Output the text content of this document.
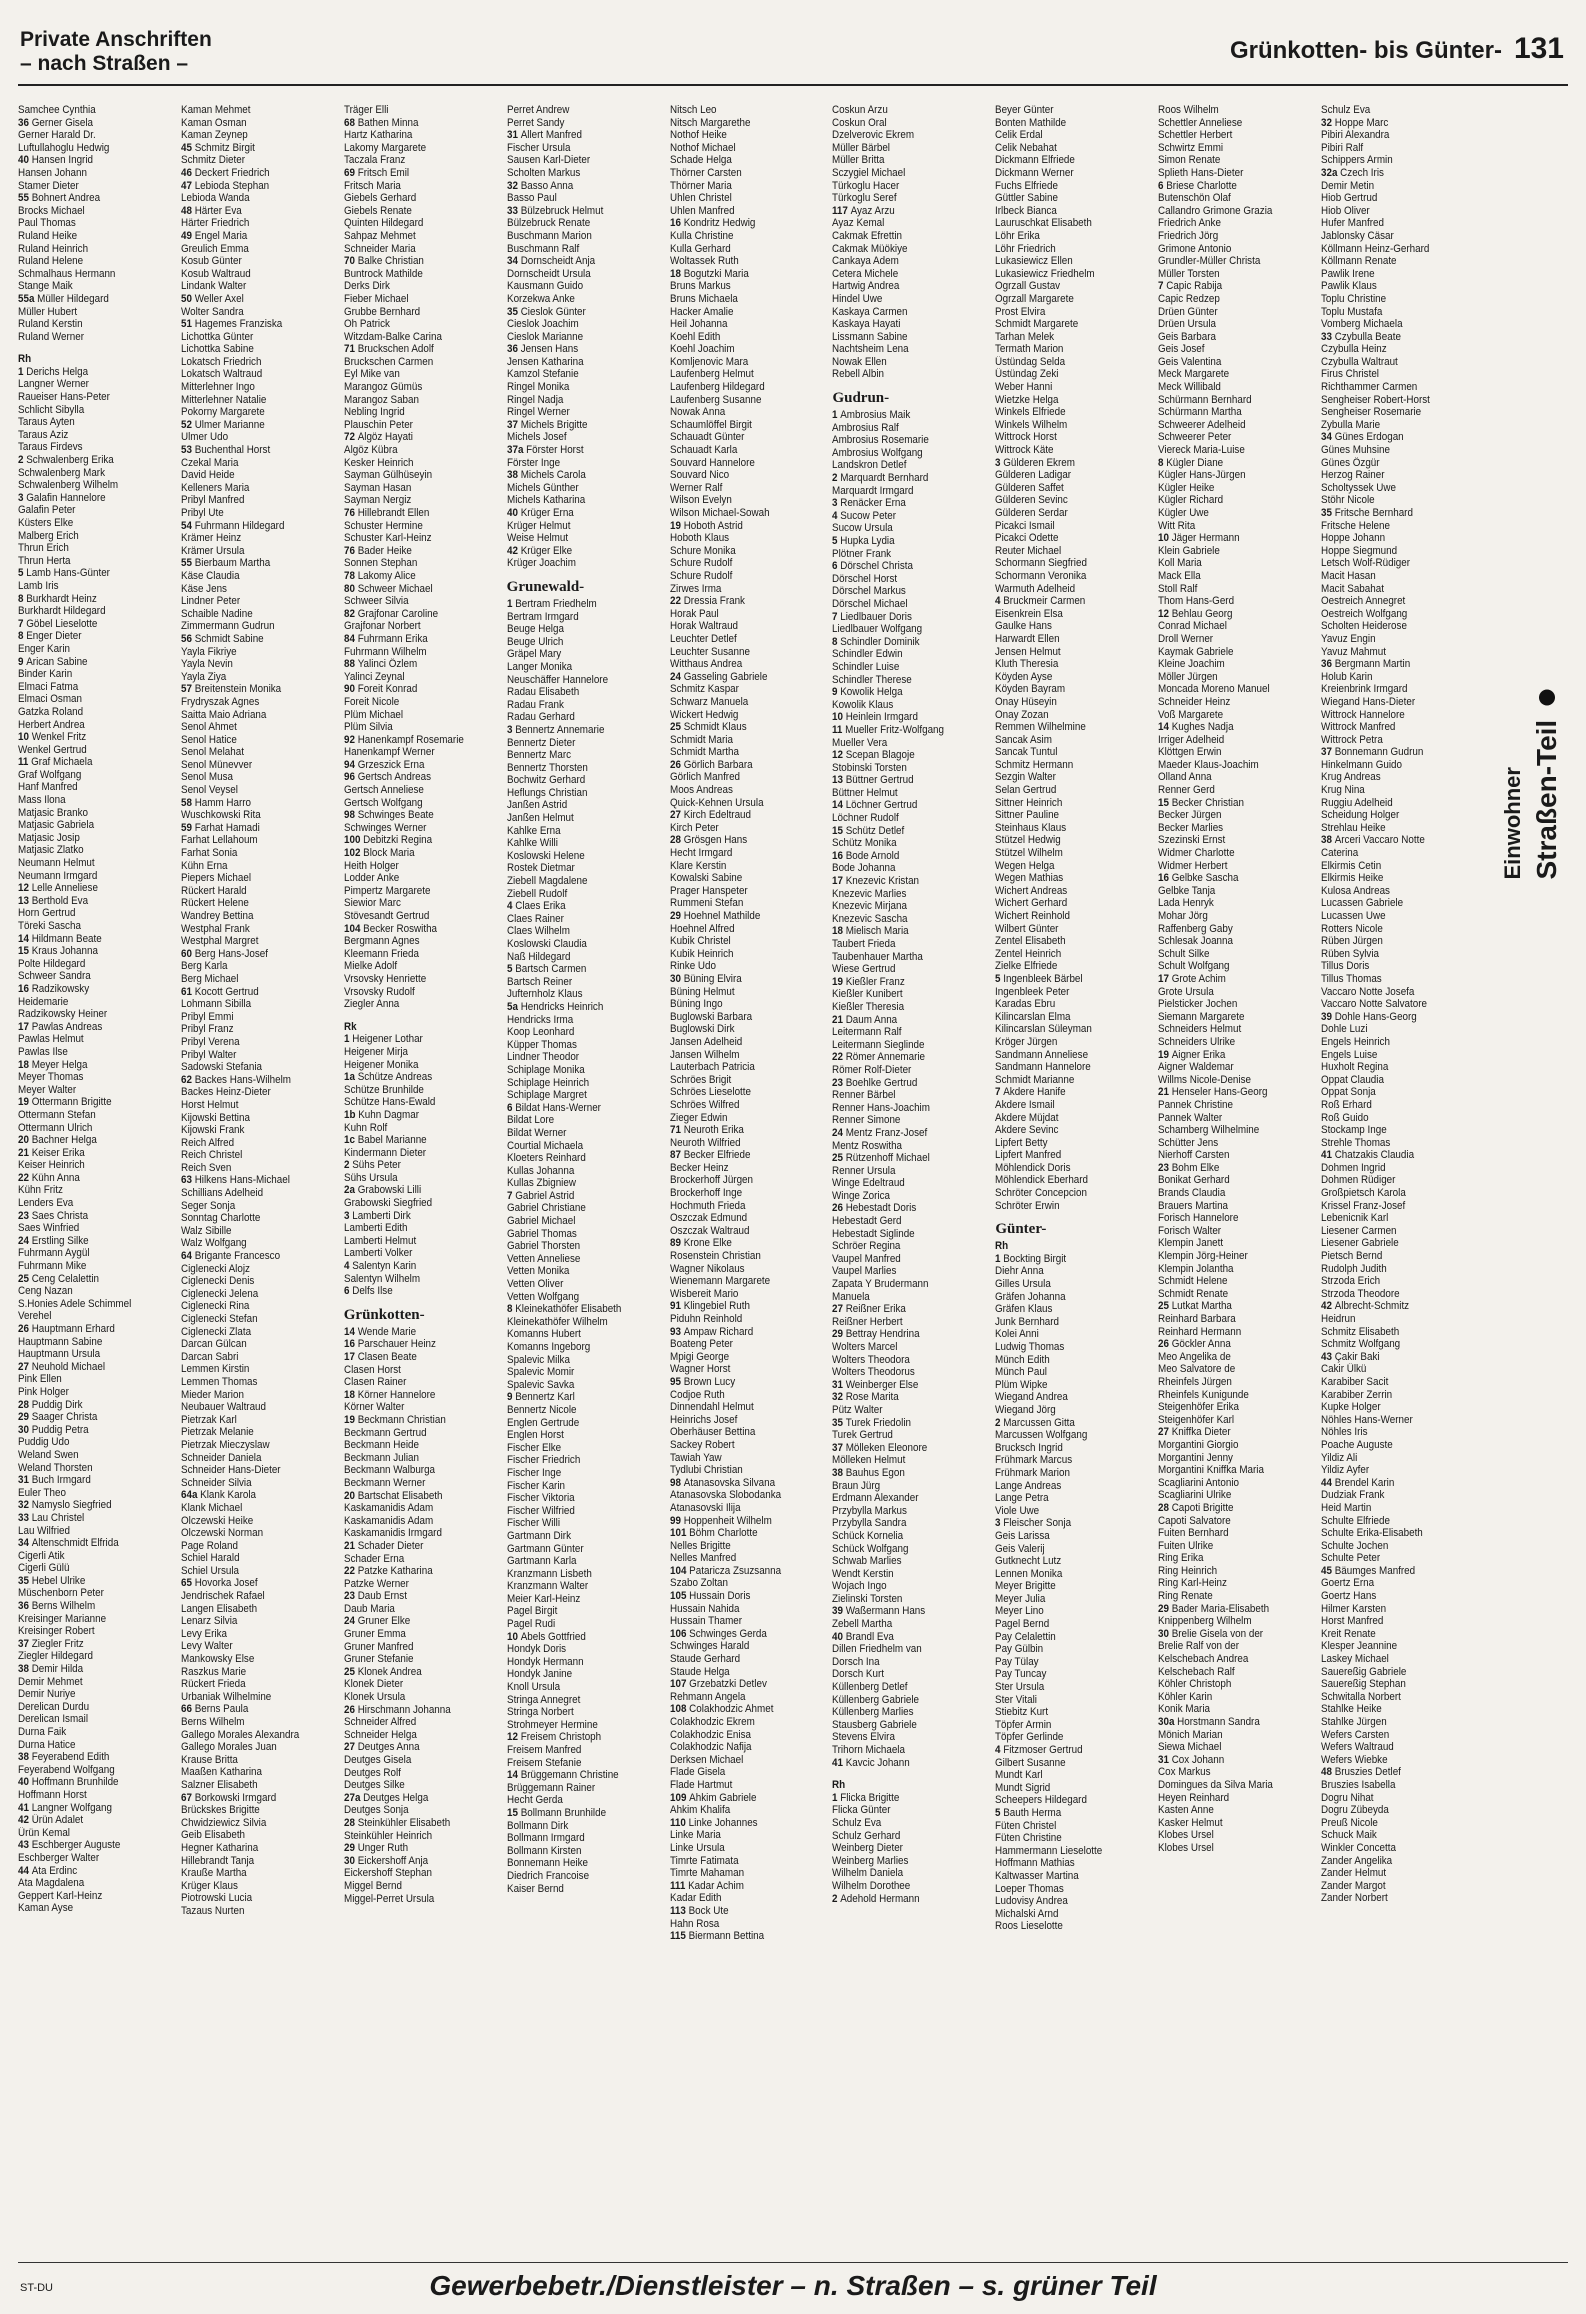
Private Anschriften
– nach Straßen –	Grünkotten- bis Günter- 131
Samchee Cynthia
36 Gerner Gisela
Gerner Harald Dr.
Luftullahoglu Hedwig
40 Hansen Ingrid
Hansen Johann
Stamer Dieter
55 Bohnert Andrea
Brocks Michael
Paul Thomas
Ruland Heike
Ruland Heinrich
Ruland Helene
Schmalhaus Hermann
Stange Maik
55a Müller Hildegard
Müller Hubert
Ruland Kerstin
Ruland Werner
Rh
1 Derichs Helga
Langner Werner
Raueiser Hans-Peter
Schlicht Sibylla
Taraus Ayten
Taraus Aziz
Taraus Firdevs
2 Schwalenberg Erika
Schwalenberg Mark
Schwalenberg Wilhelm
3 Galafin Hannelore
Galafin Peter
Küsters Elke
Malberg Erich
Thrun Erich
Thrun Herta
5 Lamb Hans-Günter
Lamb Iris
8 Burkhardt Heinz
Burkhardt Hildegard
7 Göbel Lieselotte
8 Enger Dieter
Enger Karin
9 Arican Sabine
Binder Karin
Elmaci Fatma
Elmaci Osman
Gatzka Roland
Herbert Andrea
10 Wenkel Fritz
Wenkel Gertrud
11 Graf Michaela
Graf Wolfgang
Hanf Manfred
Mass Ilona
Matjasic Branko
Matjasic Gabriela
Matjasic Josip
Matjasic Zlatko
Neumann Helmut
Neumann Irmgard
12 Lelle Anneliese
13 Berthold Eva
Horn Gertrud
Töreki Sascha
14 Hildmann Beate
15 Kraus Johanna
Polte Hildegard
Schweer Sandra
16 Radzikowsky
Heidemarie
Radzikowsky Heiner
17 Pawlas Andreas
Pawlas Helmut
Pawlas Ilse
18 Meyer Helga
Meyer Thomas
Meyer Walter
19 Ottermann Brigitte
Ottermann Stefan
Ottermann Ulrich
20 Bachner Helga
21 Keiser Erika
Keiser Heinrich
22 Kühn Anna
Kühn Fritz
Lenders Eva
23 Saes Christa
Saes Winfried
24 Erstling Silke
Fuhrmann Aygül
Fuhrmann Mike
25 Ceng Celalettin
Ceng Nazan
S.Honies Adele Schimmel
Verehel
26 Hauptmann Erhard
Hauptmann Sabine
Hauptmann Ursula
27 Neuhold Michael
Pink Ellen
Pink Holger
28 Puddig Dirk
29 Saager Christa
30 Puddig Petra
Puddig Udo
Weland Swen
Weland Thorsten
31 Buch Irmgard
Euler Theo
32 Namyslo Siegfried
33 Lau Christel
Lau Wilfried
34 Altenschmidt Elfrida
Cigerli Atik
Cigerli Gülü
35 Hebel Ulrike
Müschenborn Peter
36 Berns Wilhelm
Kreisinger Marianne
Kreisinger Robert
37 Ziegler Fritz
Ziegler Hildegard
38 Demir Hilda
Demir Mehmet
Demir Nuriye
Derelican Durdu
Derelican Ismail
Durna Faik
Durna Hatice
38 Feyerabend Edith
Feyerabend Wolfgang
40 Hoffmann Brunhilde
Hoffmann Horst
41 Langner Wolfgang
42 Ürün Adalet
Ürün Kemal
43 Eschberger Auguste
Eschberger Walter
44 Ata Erdinc
Ata Magdalena
Geppert Karl-Heinz
Kaman Ayse
Kaman Mehmet
Kaman Osman
Kaman Zeynep
45 Schmitz Birgit
Schmitz Dieter
46 Deckert Friedrich
47 Lebioda Stephan
Lebioda Wanda
48 Härter Eva
Härter Friedrich
49 Engel Maria
Greulich Emma
Kosub Günter
Kosub Waltraud
Lindank Walter
50 Weller Axel
Wolter Sandra
51 Hagemes Franziska
Lichottka Günter
Lichottka Sabine
Lokatsch Friedrich
Lokatsch Waltraud
Mitterlehner Ingo
Mitterlehner Natalie
Pokorny Margarete
52 Ulmer Marianne
Ulmer Udo
53 Buchenthal Horst
Czekal Maria
David Heide
Kelleners Maria
Pribyl Manfred
Pribyl Ute
54 Fuhrmann Hildegard
Krämer Heinz
Krämer Ursula
55 Bierbaum Martha
Käse Claudia
Käse Jens
Lindner Peter
Schaible Nadine
Zimmermann Gudrun
56 Schmidt Sabine
Yayla Fikriye
Yayla Nevin
Yayla Ziya
57 Breitenstein Monika
Frydryszak Agnes
Saitta Maio Adriana
Senol Ahmet
Senol Hatice
Senol Melahat
Senol Münevver
Senol Musa
Senol Veysel
58 Hamm Harro
Wuschkowski Rita
59 Farhat Hamadi
Farhat Lellahoum
Farhat Sonia
Kühn Erna
Piepers Michael
Rückert Harald
Rückert Helene
Wandrey Bettina
Westphal Frank
Westphal Margret
60 Berg Hans-Josef
Berg Karla
Berg Michael
61 Kocott Gertrud
Lohmann Sibilla
Pribyl Emmi
Pribyl Franz
Pribyl Verena
Pribyl Walter
Sadowski Stefania
62 Backes Hans-Wilhelm
Backes Heinz-Dieter
Horst Helmut
Kijowski Bettina
Kijowski Frank
Reich Alfred
Reich Christel
Reich Sven
63 Hilkens Hans-Michael
Schillians Adelheid
Seger Sonja
Sonntag Charlotte
Walz Sibille
Walz Wolfgang
64 Brigante Francesco
Ciglenecki Alojz
Ciglenecki Denis
Ciglenecki Jelena
Ciglenecki Rina
Ciglenecki Stefan
Ciglenecki Zlata
Darcan Gülcan
Darcan Sabri
Lemmen Kirstin
Lemmen Thomas
Mieder Marion
Neubauer Waltraud
Pietrzak Karl
Pietrzak Melanie
Pietrzak Mieczyslaw
Schneider Daniela
Schneider Hans-Dieter
Schneider Silvia
64a Klank Karola
Klank Michael
Olczewski Heike
Olczewski Norman
Page Roland
Schiel Harald
Schiel Ursula
65 Hovorka Josef
Jendrischek Rafael
Langen Elisabeth
Lenarz Silvia
Levy Erika
Levy Walter
Mankowsky Else
Raszkus Marie
Rückert Frieda
Urbaniak Wilhelmine
66 Berns Paula
Berns Wilhelm
Gallego Morales Alexandra
Gallego Morales Juan
Krause Britta
Maaßen Katharina
Salzner Elisabeth
67 Borkowski Irmgard
Brückskes Brigitte
Chwidziewicz Silvia
Geib Elisabeth
Hegner Katharina
Hillebrandt Tanja
Krauße Martha
Krüger Klaus
Piotrowski Lucia
Tazaus Nurten
Träger Elli
68 Bathen Minna
Hartz Katharina
Lakomy Margarete
Taczala Franz
69 Fritsch Emil
Fritsch Maria
Giebels Gerhard
Giebels Renate
Quinten Hildegard
Sahpaz Mehmet
Schneider Maria
70 Balke Christian
Buntrock Mathilde
Derks Dirk
Fieber Michael
Grubbe Bernhard
Oh Patrick
Witzdam-Balke Carina
71 Bruckschen Adolf
Bruckschen Carmen
Eyl Mike van
Marangoz Gümüs
Marangoz Saban
Nebling Ingrid
Plauschin Peter
72 Algöz Hayati
Algöz Kübra
Kesker Heinrich
Sayman Gülhüseyin
Sayman Hasan
Sayman Nergiz
76 Hillebrandt Ellen
Schuster Hermine
Schuster Karl-Heinz
76 Bader Heike
Sonnen Stephan
78 Lakomy Alice
80 Schweer Michael
Schweer Silvia
82 Grajfonar Caroline
Grajfonar Norbert
84 Fuhrmann Erika
Fuhrmann Wilhelm
88 Yalinci Özlem
Yalinci Zeynal
90 Foreit Konrad
Foreit Nicole
Plüm Michael
Plüm Silvia
92 Hanenkampf Rosemarie
Hanenkampf Werner
94 Grzeszick Erna
96 Gertsch Andreas
Gertsch Anneliese
Gertsch Wolfgang
98 Schwinges Beate
Schwinges Werner
100 Debitzki Regina
102 Block Maria
Heith Holger
Lodder Anke
Pimpertz Margarete
Siewior Marc
Stövesandt Gertrud
104 Becker Roswitha
Bergmann Agnes
Kleemann Frieda
Mielke Adolf
Vrsovsky Henriette
Vrsovsky Rudolf
Ziegler Anna
Rk
1 Heigener Lothar
Heigener Mirja
Heigener Monika
1a Schütze Andreas
Schütze Brunhilde
Schütze Hans-Ewald
1b Kuhn Dagmar
Kuhn Rolf
1c Babel Marianne
Kindermann Dieter
2 Sühs Peter
Sühs Ursula
2a Grabowski Lilli
Grabowski Siegfried
3 Lamberti Dirk
Lamberti Edith
Lamberti Helmut
Lamberti Volker
4 Salentyn Karin
Salentyn Wilhelm
6 Delfs Ilse
Grünkotten-
14 Wende Marie
16 Parschauer Heinz
17 Clasen Beate
Clasen Horst
Clasen Rainer
18 Körner Hannelore
Körner Walter
19 Beckmann Christian
Beckmann Gertrud
Beckmann Heide
Beckmann Julian
Beckmann Walburga
Beckmann Werner
20 Bartschat Elisabeth
Kaskamanidis Adam
Kaskamanidis Adam
Kaskamanidis Irmgard
21 Schader Dieter
Schader Erna
22 Patzke Katharina
Patzke Werner
23 Daub Ernst
Daub Maria
24 Gruner Elke
Gruner Emma
Gruner Manfred
Gruner Stefanie
25 Klonek Andrea
Klonek Dieter
Klonek Ursula
26 Hirschmann Johanna
Schneider Alfred
Schneider Helga
27 Deutges Anna
Deutges Gisela
Deutges Rolf
Deutges Silke
27a Deutges Helga
Deutges Sonja
28 Steinkühler Elisabeth
Steinkühler Heinrich
29 Unger Ruth
30 Eickershoff Anja
Eickershoff Stephan
Miggel Bernd
Miggel-Perret Ursula
Perret Andrew
Perret Sandy
31 Allert Manfred
Fischer Ursula
Sausen Karl-Dieter
Scholten Markus
32 Basso Anna
Basso Paul
33 Bülzebruck Helmut
Bülzebruck Renate
Buschmann Marion
Buschmann Ralf
34 Dornscheidt Anja
Dornscheidt Ursula
Kausmann Guido
Korzekwa Anke
35 Cieslok Günter
Cieslok Joachim
Cieslok Marianne
36 Jensen Hans
Jensen Katharina
Kamzol Stefanie
Ringel Monika
Ringel Nadja
Ringel Werner
37 Michels Brigitte
Michels Josef
37a Förster Horst
Förster Inge
38 Michels Carola
Michels Günther
Michels Katharina
40 Krüger Erna
Krüger Helmut
Weise Helmut
42 Krüger Elke
Krüger Joachim
Grunewald-
1 Bertram Friedhelm
Bertram Irmgard
Beuge Helga
Beuge Ulrich
Gräpel Mary
Langer Monika
Neuschäffer Hannelore
Radau Elisabeth
Radau Frank
Radau Gerhard
3 Bennertz Annemarie
Bennertz Dieter
Bennertz Marc
Bennertz Thorsten
Bochwitz Gerhard
Heflungs Christian
Janßen Astrid
Janßen Helmut
Kahlke Erna
Kahlke Willi
Koslowski Helene
Rostek Dietmar
Ziebell Magdalene
Ziebell Rudolf
4 Claes Erika
Claes Rainer
Claes Wilhelm
Koslowski Claudia
Naß Hildegard
5 Bartsch Carmen
Bartsch Reiner
Jufternholz Klaus
5a Hendricks Heinrich
Hendricks Irma
Koop Leonhard
Küpper Thomas
Lindner Theodor
Schiplage Monika
Schiplage Heinrich
Schiplage Margret
6 Bildat Hans-Werner
Bildat Lore
Bildat Werner
Courtial Michaela
Kloeters Reinhard
Kullas Johanna
Kullas Zbigniew
7 Gabriel Astrid
Gabriel Christiane
Gabriel Michael
Gabriel Thomas
Gabriel Thorsten
Vetten Anneliese
Vetten Monika
Vetten Oliver
Vetten Wolfgang
8 Kleinekathöfer Elisabeth
Kleinekathöfer Wilhelm
Komanns Hubert
Komanns Ingeborg
Spalevic Milka
Spalevic Momir
Spalevic Savka
9 Bennertz Karl
Bennertz Nicole
Englen Gertrude
Englen Horst
Fischer Elke
Fischer Friedrich
Fischer Inge
Fischer Karin
Fischer Viktoria
Fischer Wilfried
Fischer Willi
Gartmann Dirk
Gartmann Günter
Gartmann Karla
Kranzmann Lisbeth
Kranzmann Walter
Meier Karl-Heinz
Pagel Birgit
Pagel Rudi
10 Abels Gottfried
Hondyk Doris
Hondyk Hermann
Hondyk Janine
Knoll Ursula
Stringa Annegret
Stringa Norbert
Strohmeyer Hermine
12 Freisem Christoph
Freisem Manfred
Freisem Stefanie
14 Brüggemann Christine
Brüggemann Rainer
Hecht Gerda
15 Bollmann Brunhilde
Bollmann Dirk
Bollmann Irmgard
Bollmann Kirsten
Bonnemann Heike
Diedrich Francoise
Kaiser Bernd
Nitsch Leo
Nitsch Margarethe
Nothof Heike
Nothof Michael
Schade Helga
Thörner Carsten
Thörner Maria
Uhlen Christel
Uhlen Manfred
16 Kondritz Hedwig
Kulla Christine
Kulla Gerhard
Woltassek Ruth
18 Bogutzki Maria
Bruns Markus
Bruns Michaela
Hacker Amalie
Heil Johanna
Koehl Edith
Koehl Joachim
Komljenovic Mara
Laufenberg Helmut
Laufenberg Hildegard
Laufenberg Susanne
Nowak Anna
Schaumlöffel Birgit
Schauadt Günter
Schauadt Karla
Souvard Hannelore
Souvard Nico
Werner Ralf
Wilson Evelyn
Wilson Michael-Sowah
19 Hoboth Astrid
Hoboth Klaus
Schure Monika
Schure Rudolf
Schure Rudolf
Zirwes Irma
22 Dressia Frank
Horak Paul
Horak Waltraud
Leuchter Detlef
Leuchter Susanne
Witthaus Andrea
24 Gasseling Gabriele
Schmitz Kaspar
Schwarz Manuela
Wickert Hedwig
25 Schmidt Klaus
Schmidt Maria
Schmidt Martha
26 Görlich Barbara
Görlich Manfred
Moos Andreas
Quick-Kehnen Ursula
27 Kirch Edeltraud
Kirch Peter
28 Grösgen Hans
Hecht Irmgard
Klare Kerstin
Kowalski Sabine
Prager Hanspeter
Rummeni Stefan
29 Hoehnel Mathilde
Hoehnel Alfred
Kubik Christel
Kubik Heinrich
Rinke Udo
30 Büning Elvira
Büning Helmut
Büning Ingo
Buglowski Barbara
Buglowski Dirk
Jansen Adelheid
Jansen Wilhelm
Lauterbach Patricia
Schröes Brigit
Schröes Lieselotte
Schröes Wilfred
Zieger Edwin
71 Neuroth Erika
Neuroth Wilfried
87 Becker Elfriede
Becker Heinz
Brockerhoff Jürgen
Brockerhoff Inge
Hochmuth Frieda
Oszczak Edmund
Oszczak Waltraud
89 Krone Elke
Rosenstein Christian
Wagner Nikolaus
Wienemann Margarete
Wisbereit Mario
91 Klingebiel Ruth
Piduhn Reinhold
93 Ampaw Richard
Boateng Peter
Mpigi George
Wagner Horst
95 Brown Lucy
Codjoe Ruth
Dinnendahl Helmut
Heinrichs Josef
Oberhäuser Bettina
Sackey Robert
Tawiah Yaw
Tydlubi Christian
98 Atanasovska Silvana
Atanasovska Slobodanka
Atanasovski Ilija
99 Hoppenheit Wilhelm
101 Böhm Charlotte
Nelles Brigitte
Nelles Manfred
104 Pataricza Zsuzsanna
Szabo Zoltan
105 Hussain Doris
Hussain Nahida
Hussain Thamer
106 Schwinges Gerda
Schwinges Harald
Staude Gerhard
Staude Helga
107 Grzebatzki Detlev
Rehmann Angela
108 Colakhodzic Ahmet
Colakhodzic Ekrem
Colakhodzic Enisa
Colakhodzic Nafija
Derksen Michael
Flade Gisela
Flade Hartmut
109 Ahkim Gabriele
Ahkim Khalifa
110 Linke Johannes
Linke Maria
Linke Ursula
Timrte Fatimata
Timrte Mahaman
111 Kadar Achim
Kadar Edith
113 Bock Ute
Hahn Rosa
115 Biermann Bettina
Coskun Arzu
Coskun Oral
Dzelverovic Ekrem
Müller Bärbel
Müller Britta
Sczygiel Michael
Türkoglu Hacer
Türkoglu Seref
117 Ayaz Arzu
Ayaz Kemal
Cakmak Efrettin
Cakmak Müökiye
Cankaya Adem
Cetera Michele
Hartwig Andrea
Hindel Uwe
Kaskaya Carmen
Kaskaya Hayati
Lissmann Sabine
Nachtsheim Lena
Nowak Ellen
Rebell Albin
Gudrun-
1 Ambrosius Maik
Ambrosius Ralf
Ambrosius Rosemarie
Ambrosius Wolfgang
Landskron Detlef
2 Marquardt Bernhard
Marquardt Irmgard
3 Renäcker Erna
4 Sucow Peter
Sucow Ursula
5 Hupka Lydia
Plötner Frank
6 Dörschel Christa
Dörschel Horst
Dörschel Markus
Dörschel Michael
7 Liedlbauer Doris
Liedlbauer Wolfgang
8 Schindler Dominik
Schindler Edwin
Schindler Luise
Schindler Therese
9 Kowolik Helga
Kowolik Klaus
10 Heinlein Irmgard
11 Mueller Fritz-Wolfgang
Mueller Vera
12 Scepan Blagoje
Stobinski Torsten
13 Büttner Gertrud
Büttner Helmut
14 Löchner Gertrud
Löchner Rudolf
15 Schütz Detlef
Schütz Monika
16 Bode Arnold
Bode Johanna
17 Knezevic Kristan
Knezevic Marlies
Knezevic Mirjana
Knezevic Sascha
18 Mielisch Maria
Taubert Frieda
Taubenhauer Martha
Wiese Gertrud
19 Kießler Franz
Kießler Kunibert
Kießler Theresia
21 Daum Anna
Leitermann Ralf
Leitermann Sieglinde
22 Römer Annemarie
Römer Rolf-Dieter
23 Boehlke Gertrud
Renner Bärbel
Renner Hans-Joachim
Renner Simone
24 Mentz Franz-Josef
Mentz Roswitha
25 Rützenhoff Michael
Renner Ursula
Winge Edeltraud
Winge Zorica
26 Hebestadt Doris
Hebestadt Gerd
Hebestadt Siglinde
Schröer Regina
Vaupel Manfred
Vaupel Marlies
Zapata Y Brudermann
Manuela
27 Reißner Erika
Reißner Herbert
29 Bettray Hendrina
Wolters Marcel
Wolters Theodora
Wolters Theodorus
31 Weinberger Else
32 Rose Marita
Pütz Walter
35 Turek Friedolin
Turek Gertrud
37 Mölleken Eleonore
Mölleken Helmut
38 Bauhus Egon
Braun Jürg
Erdmann Alexander
Przybylla Markus
Przybylla Sandra
Schück Kornelia
Schück Wolfgang
Schwab Marlies
Wendt Kerstin
Wojach Ingo
Zielinski Torsten
39 Waßermann Hans
Zebell Martha
40 Brandl Eva
Dillen Friedhelm van
Dorsch Ina
Dorsch Kurt
Küllenberg Detlef
Küllenberg Gabriele
Küllenberg Marlies
Stausberg Gabriele
Stevens Elvira
Trihorn Michaela
41 Kavcic Johann
Rh
1 Flicka Brigitte
Flicka Günter
Schulz Eva
Schulz Gerhard
Weinberg Dieter
Weinberg Marlies
Wilhelm Daniela
Wilhelm Dorothee
2 Adehold Hermann
Beyer Günter
Bonten Mathilde
Celik Erdal
Celik Nebahat
Dickmann Elfriede
Dickmann Werner
Fuchs Elfriede
Güttler Sabine
Irlbeck Bianca
Lauruschkat Elisabeth
Löhr Erika
Löhr Friedrich
Lukasiewicz Ellen
Lukasiewicz Friedhelm
Ogrzall Gustav
Ogrzall Margarete
Prost Elvira
Schmidt Margarete
Tarhan Melek
Termath Marion
Üstündag Selda
Üstündag Zeki
Weber Hanni
Wietzke Helga
Winkels Elfriede
Winkels Wilhelm
Wittrock Horst
Wittrock Käte
3 Gülderen Ekrem
Gülderen Ladigar
Gülderen Saffet
Gülderen Sevinc
Gülderen Serdar
Picakci Ismail
Picakci Odette
Reuter Michael
Schormann Siegfried
Schormann Veronika
Warmuth Adelheid
4 Bruckmeir Carmen
Eisenkrein Elsa
Gaulke Hans
Harwardt Ellen
Jensen Helmut
Kluth Theresia
Köyden Ayse
Köyden Bayram
Onay Hüseyin
Onay Zozan
Remmen Wilhelmine
Sancak Asim
Sancak Tuntul
Schmitz Hermann
Sezgin Walter
Selan Gertrud
Sittner Heinrich
Sittner Pauline
Steinhaus Klaus
Stützel Hedwig
Stützel Wilhelm
Wegen Helga
Wegen Mathias
Wichert Andreas
Wichert Gerhard
Wichert Reinhold
Wilbert Günter
Zentel Elisabeth
Zentel Heinrich
Zielke Elfriede
5 Ingenbleek Bärbel
Ingenbleek Peter
Karadas Ebru
Kilincarslan Elma
Kilincarslan Süleyman
Kröger Jürgen
Sandmann Anneliese
Sandmann Hannelore
Schmidt Marianne
7 Akdere Hanife
Akdere Ismail
Akdere Müjdat
Akdere Sevinc
Lipfert Betty
Lipfert Manfred
Möhlendick Doris
Möhlendick Eberhard
Schröter Concepcion
Schröter Erwin
Günter-
Rh
1 Bockting Birgit
Diehr Anna
Gilles Ursula
Gräfen Johanna
Gräfen Klaus
Junk Bernhard
Kolei Anni
Ludwig Thomas
Münch Edith
Münch Paul
Plüm Wipke
Wiegand Andrea
Wiegand Jörg
2 Marcussen Gitta
Marcussen Wolfgang
Brucksch Ingrid
Frühmark Marcus
Frühmark Marion
Lange Andreas
Lange Petra
Viole Uwe
3 Fleischer Sonja
Geis Larissa
Geis Valerij
Gutknecht Lutz
Lennen Monika
Meyer Brigitte
Meyer Julia
Meyer Lino
Pagel Bernd
Pay Celalettin
Pay Gülbin
Pay Tülay
Pay Tuncay
Ster Ursula
Ster Vitali
Stiebitz Kurt
Töpfer Armin
Töpfer Gerlinde
4 Fitzmoser Gertrud
Gilbert Susanne
Mundt Karl
Mundt Sigrid
Scheepers Hildegard
5 Bauth Herma
Füten Christel
Füten Christine
Hammermann Lieselotte
Hoffmann Mathias
Kaltwasser Martina
Loeper Thomas
Ludovisy Andrea
Michalski Arnd
Roos Lieselotte
Roos Wilhelm
Schettler Anneliese
Schettler Herbert
Schwirtz Emmi
Simon Renate
Splieth Hans-Dieter
6 Briese Charlotte
Butenschön Olaf
Callandro Grimone Grazia
Friedrich Anke
Friedrich Jörg
Grimone Antonio
Grundler-Müller Christa
Müller Torsten
7 Capic Rabija
Capic Redzep
Drüen Günter
Drüen Ursula
Geis Barbara
Geis Josef
Geis Valentina
Meck Margarete
Meck Willibald
Schürmann Bernhard
Schürmann Martha
Schweerer Adelheid
Schweerer Peter
Viereck Maria-Luise
8 Kügler Diane
Kügler Hans-Jürgen
Kügler Heike
Kügler Richard
Kügler Uwe
Witt Rita
10 Jäger Hermann
Klein Gabriele
Koll Maria
Mack Ella
Stoll Ralf
Thom Hans-Gerd
12 Behlau Georg
Conrad Michael
Droll Werner
Kaymak Gabriele
Kleine Joachim
Möller Jürgen
Moncada Moreno Manuel
Schneider Heinz
Voß Margarete
14 Kughes Nadja
Irriger Adelheid
Klöttgen Erwin
Maeder Klaus-Joachim
Olland Anna
Renner Gerd
15 Becker Christian
Becker Jürgen
Becker Marlies
Szezinski Ernst
Widmer Charlotte
Widmer Herbert
16 Gelbke Sascha
Gelbke Tanja
Lada Henryk
Mohar Jörg
Raffenberg Gaby
Schlesak Joanna
Schult Silke
Schult Wolfgang
17 Grote Achim
Grote Ursula
Pielsticker Jochen
Siemann Margarete
Schneiders Helmut
Schneiders Ulrike
19 Aigner Erika
Aigner Waldemar
Willms Nicole-Denise
21 Henseler Hans-Georg
Pannek Christine
Pannek Walter
Schamberg Wilhelmine
Schütter Jens
Nierhoff Carsten
23 Bohm Elke
Bonikat Gerhard
Brands Claudia
Brauers Martina
Forisch Hannelore
Forisch Walter
Klempin Janett
Klempin Jörg-Heiner
Klempin Jolantha
Schmidt Helene
Schmidt Renate
25 Lutkat Martha
Reinhard Barbara
Reinhard Hermann
26 Göckler Anna
Meo Angelika de
Meo Salvatore de
Rheinfels Jürgen
Rheinfels Kunigunde
Steigenhöfer Erika
Steigenhöfer Karl
27 Kniffka Dieter
Morgantini Giorgio
Morgantini Jenny
Morgantini Kniffka Maria
Scagliarini Antonio
Scagliarini Ulrike
28 Capoti Brigitte
Capoti Salvatore
Fuiten Bernhard
Fuiten Ulrike
Ring Erika
Ring Heinrich
Ring Karl-Heinz
Ring Renate
29 Bader Maria-Elisabeth
Knippenberg Wilhelm
30 Brelie Gisela von der
Brelie Ralf von der
Kelschebach Andrea
Kelschebach Ralf
Köhler Christoph
Köhler Karin
Konik Maria
30a Horstmann Sandra
Mönich Marian
Siewa Michael
31 Cox Johann
Cox Markus
Domingues da Silva Maria
Heyen Reinhard
Kasten Anne
Kasker Helmut
Klobes Ursel
Klobes Ursel
Schulz Eva
32 Hoppe Marc
Pibiri Alexandra
Pibiri Ralf
Schippers Armin
32a Czech Iris
Demir Metin
Hiob Gertrud
Hiob Oliver
Hufer Manfred
Jablonsky Cäsar
Köllmann Heinz-Gerhard
Köllmann Renate
Pawlik Irene
Pawlik Klaus
Toplu Christine
Toplu Mustafa
Vomberg Michaela
33 Czybulla Beate
Czybulla Heinz
Czybulla Waltraut
Firus Christel
Richthammer Carmen
Sengheiser Robert-Horst
Sengheiser Rosemarie
Zybulla Marie
34 Günes Erdogan
Günes Muhsine
Günes Özgür
Herzog Rainer
Scholtyssek Uwe
Stöhr Nicole
35 Fritsche Bernhard
Fritsche Helene
Hoppe Johann
Hoppe Siegmund
Letsch Wolf-Rüdiger
Macit Hasan
Macit Sabahat
Oestreich Annegret
Oestreich Wolfgang
Scholten Heiderose
Yavuz Engin
Yavuz Mahmut
36 Bergmann Martin
Holub Karin
Kreienbrink Irmgard
Wiegand Hans-Dieter
Wittrock Hannelore
Wittrock Manfred
Wittrock Petra
37 Bonnemann Gudrun
Hinkelmann Guido
Krug Andreas
Krug Nina
Ruggiu Adelheid
Scheidung Holger
Strehlau Heike
38 Arceri Vaccaro Notte
Caterina
Elkirmis Cetin
Elkirmis Heike
Kulosa Andreas
Lucassen Gabriele
Lucassen Uwe
Rotters Nicole
Rüben Jürgen
Rüben Sylvia
Tillus Doris
Tillus Thomas
Vaccaro Notte Josefa
Vaccaro Notte Salvatore
39 Dohle Hans-Georg
Dohle Luzi
Engels Heinrich
Engels Luise
Huxholt Regina
Oppat Claudia
Oppat Sonja
Roß Erhard
Roß Guido
Stockamp Inge
Strehle Thomas
41 Chatzakis Claudia
Dohmen Ingrid
Dohmen Rüdiger
Großpietsch Karola
Krissel Franz-Josef
Lebenicnik Karl
Liesener Carmen
Liesener Gabriele
Pietsch Bernd
Rudolph Judith
Strzoda Erich
Strzoda Theodore
42 Albrecht-Schmitz
Heidrun
Schmitz Elisabeth
Schmitz Wolfgang
43 Çakir Baki
Cakir Ülkü
Karabiber Sacit
Karabiber Zerrin
Kupke Holger
Nöhles Hans-Werner
Nöhles Iris
Poache Auguste
Yildiz Ali
Yildiz Ayfer
44 Brendel Karin
Dudziak Frank
Heid Martin
Schulte Elfriede
Schulte Erika-Elisabeth
Schulte Jochen
Schulte Peter
45 Bäumges Manfred
Goertz Erna
Goertz Hans
Hilmer Karsten
Horst Manfred
Kreit Renate
Klesper Jeannine
Laskey Michael
Sauereßig Gabriele
Sauereßig Stephan
Schwitalla Norbert
Stahlke Heike
Stahlke Jürgen
Wefers Carsten
Wefers Waltraud
Wefers Wiebke
48 Bruszies Detlef
Bruszies Isabella
Dogru Nihat
Dogru Zübeyda
Preuß Nicole
Schuck Maik
Winkler Concetta
Zander Angelika
Zander Helmut
Zander Margot
Zander Norbert
Einwohner Straßen-Teil
ST-DU	Gewerbebetr./Dienstleister – n. Straßen – s. grüner Teil
